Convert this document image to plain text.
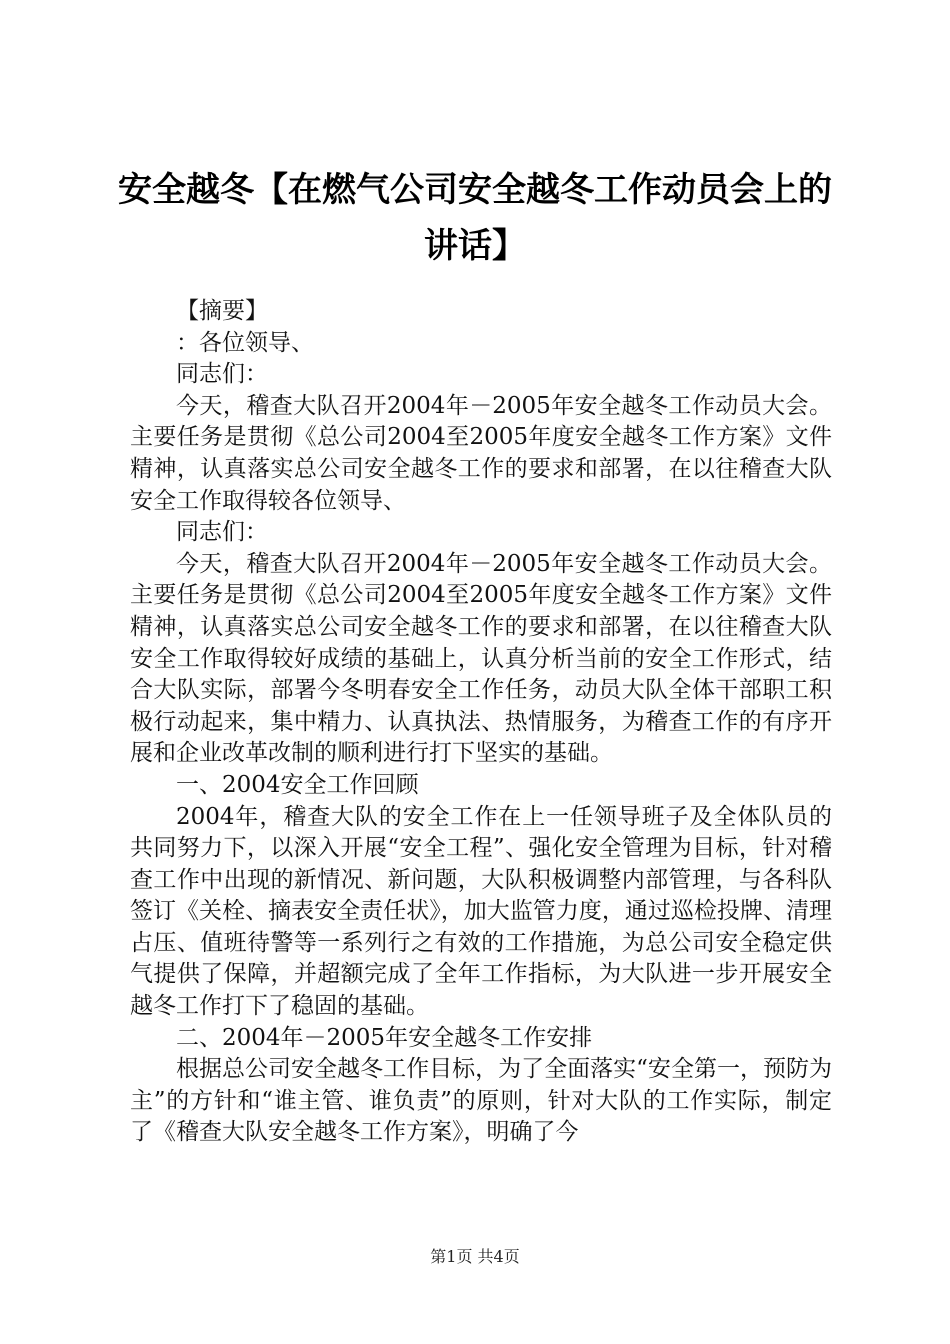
安全越冬【在燃气公司安全越冬工作动员会上的讲话】

【摘要】

：各位领导、

同志们：

今天，稽查大队召开2004年－2005年安全越冬工作动员大会。主要任务是贯彻《总公司2004至2005年度安全越冬工作方案》文件精神，认真落实总公司安全越冬工作的要求和部署，在以往稽查大队安全工作取得较各位领导、

同志们：

今天，稽查大队召开2004年－2005年安全越冬工作动员大会。主要任务是贯彻《总公司2004至2005年度安全越冬工作方案》文件精神，认真落实总公司安全越冬工作的要求和部署，在以往稽查大队安全工作取得较好成绩的基础上，认真分析当前的安全工作形式，结合大队实际，部署今冬明春安全工作任务，动员大队全体干部职工积极行动起来，集中精力、认真执法、热情服务，为稽查工作的有序开展和企业改革改制的顺利进行打下坚实的基础。

一、2004安全工作回顾

2004年，稽查大队的安全工作在上一任领导班子及全体队员的共同努力下，以深入开展“安全工程”、强化安全管理为目标，针对稽查工作中出现的新情况、新问题，大队积极调整内部管理，与各科队签订《关栓、摘表安全责任状》，加大监管力度，通过巡检投牌、清理占压、值班待警等一系列行之有效的工作措施，为总公司安全稳定供气提供了保障，并超额完成了全年工作指标，为大队进一步开展安全越冬工作打下了稳固的基础。

二、2004年－2005年安全越冬工作安排

根据总公司安全越冬工作目标，为了全面落实“安全第一，预防为主”的方针和“谁主管、谁负责”的原则，针对大队的工作实际，制定了《稽查大队安全越冬工作方案》，明确了今

第1页 共4页
